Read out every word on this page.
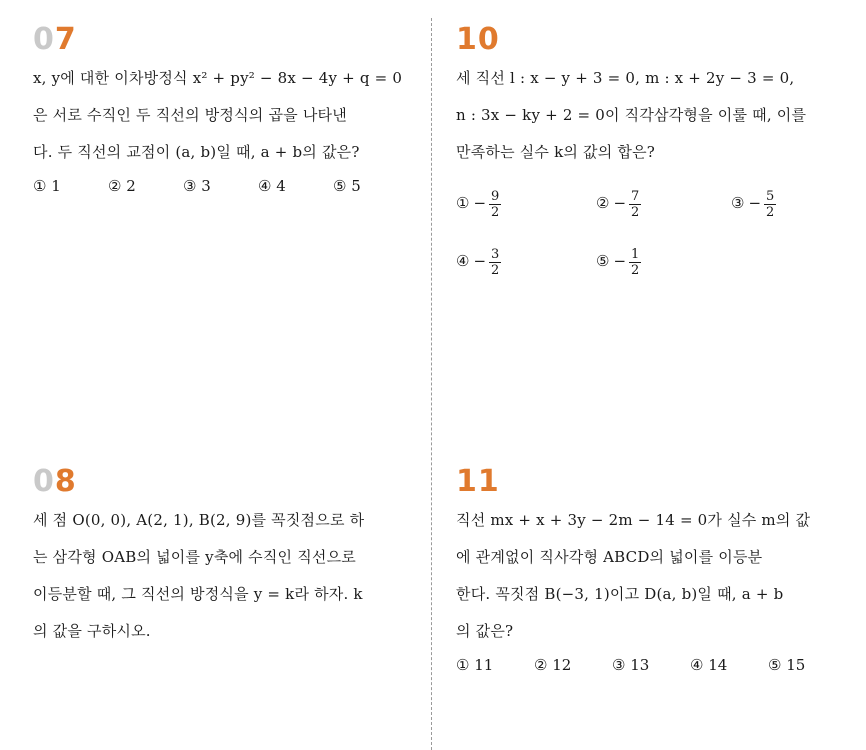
07
x, y에 대한 이차방정식 x² + py² − 8x − 4y + q = 0
은 서로 수직인 두 직선의 방정식의 곱을 나타낸
다. 두 직선의 교점이 (a, b)일 때, a + b의 값은?
① 1	② 2	③ 3	④ 4	⑤ 5
10
세 직선 l : x − y + 3 = 0, m : x + 2y − 3 = 0,
n : 3x − ky + 2 = 0이 직각삼각형을 이룰 때, 이를
만족하는 실수 k의 값의 합은?
① − $\frac{9}{2}$	② − $\frac{7}{2}$	③ − $\frac{5}{2}$
④ − $\frac{3}{2}$	⑤ − $\frac{1}{2}$
08
세 점 O(0, 0), A(2, 1), B(2, 9)를 꼭짓점으로 하
는 삼각형 OAB의 넓이를 y축에 수직인 직선으로
이등분할 때, 그 직선의 방정식을 y = k라 하자. k
의 값을 구하시오.
11
직선 mx + x + 3y − 2m − 14 = 0가 실수 m의 값
에 관계없이 직사각형 ABCD의 넓이를 이등분
한다. 꼭짓점 B(−3, 1)이고 D(a, b)일 때, a + b
의 값은?
① 11	② 12	③ 13	④ 14	⑤ 15
